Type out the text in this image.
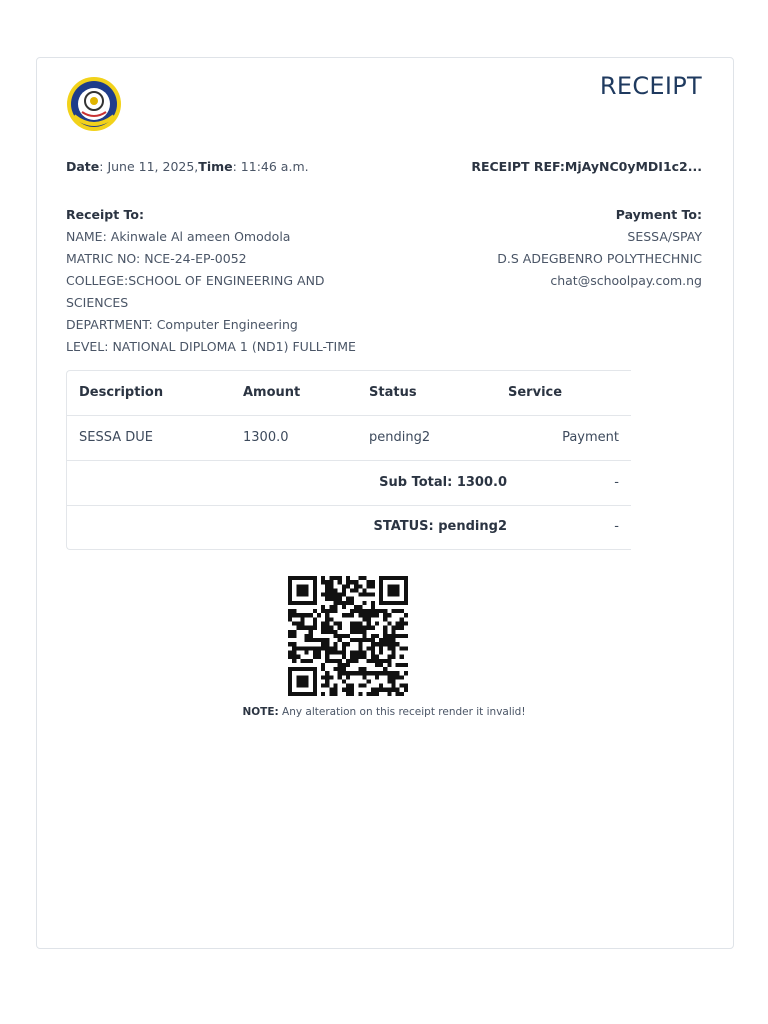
RECEIPT
Date: June 11, 2025,Time: 11:46 a.m.	RECEIPT REF:MjAyNC0yMDI1c2...
Receipt To:
NAME: Akinwale Al ameen Omodola
MATRIC NO: NCE-24-EP-0052
COLLEGE:SCHOOL OF ENGINEERING AND SCIENCES
DEPARTMENT: Computer Engineering
LEVEL: NATIONAL DIPLOMA 1 (ND1) FULL-TIME
Payment To:
SESSA/SPAY
D.S ADEGBENRO POLYTHECHNIC
chat@schoolpay.com.ng
Description	Amount	Status	Service
SESSA DUE	1300.0	pending2	Payment
Sub Total: 1300.0	-
STATUS: pending2	-
NOTE: Any alteration on this receipt render it invalid!
